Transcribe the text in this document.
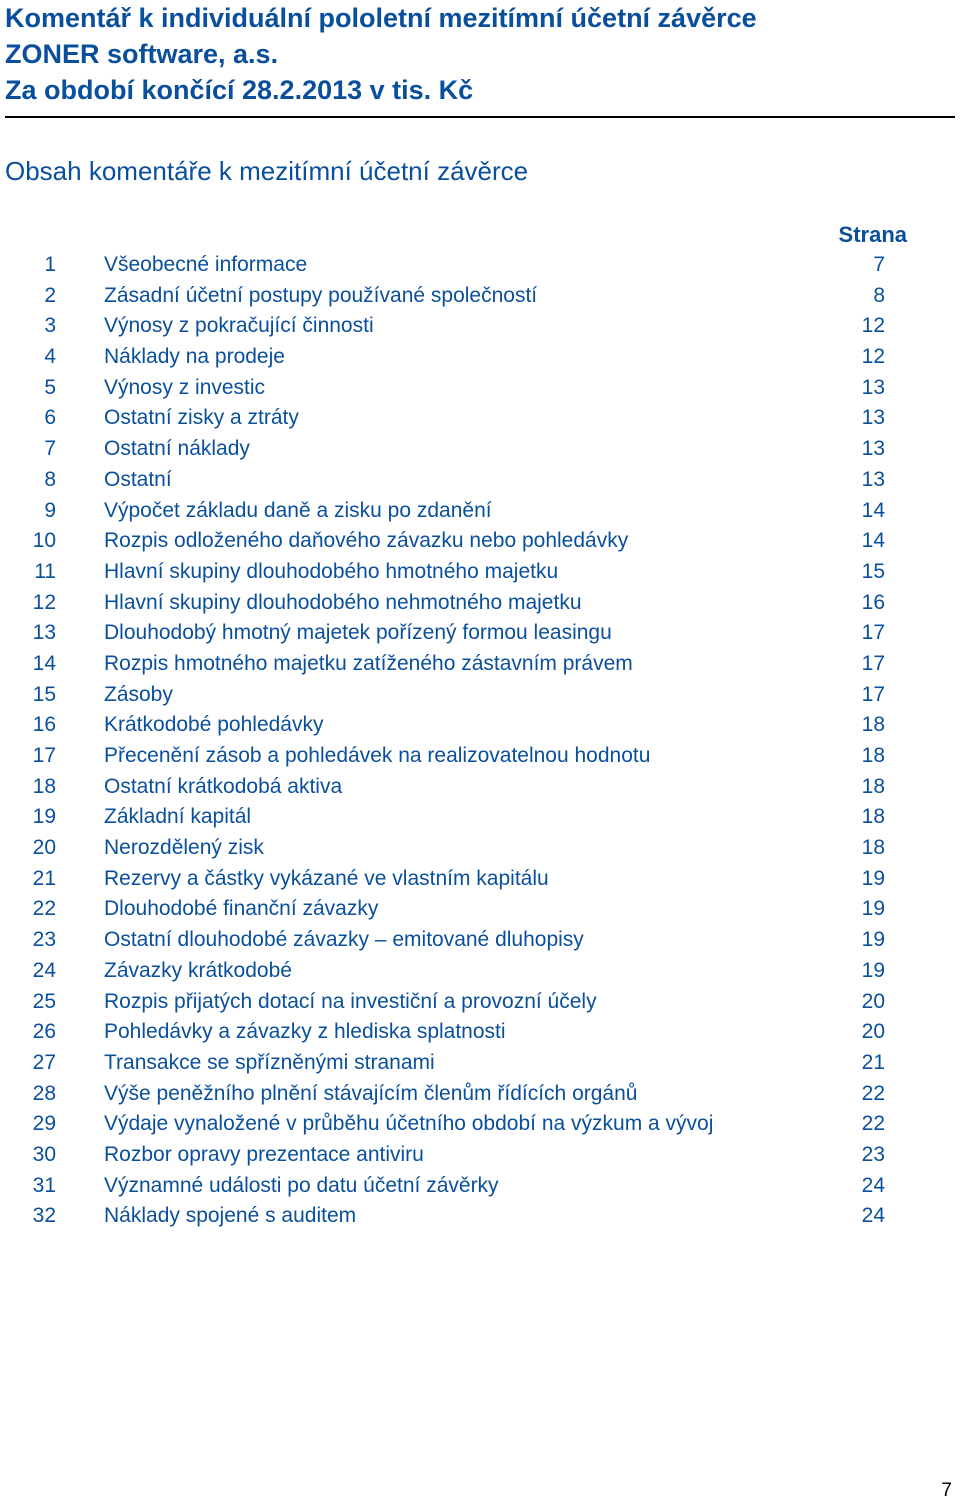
Komentář k individuální pololetní mezitímní účetní závěrce
ZONER software, a.s.
Za období končící 28.2.2013 v tis. Kč
Obsah komentáře k mezitímní účetní závěrce
Strana
1 Všeobecné informace	7
2 Zásadní účetní postupy používané společností	8
3 Výnosy z pokračující činnosti	12
4 Náklady na prodeje	12
5 Výnosy z investic	13
6 Ostatní zisky a ztráty	13
7 Ostatní náklady	13
8 Ostatní	13
9 Výpočet základu daně a zisku po zdanění	14
10 Rozpis odloženého daňového závazku nebo pohledávky	14
11 Hlavní skupiny dlouhodobého hmotného majetku	15
12 Hlavní skupiny dlouhodobého nehmotného majetku	16
13 Dlouhodobý hmotný majetek pořízený formou leasingu	17
14 Rozpis hmotného majetku zatíženého zástavním právem	17
15 Zásoby	17
16 Krátkodobé pohledávky	18
17 Přecenění zásob a pohledávek na realizovatelnou hodnotu	18
18 Ostatní krátkodobá aktiva	18
19 Základní kapitál	18
20 Nerozdělený zisk	18
21 Rezervy a částky vykázané ve vlastním kapitálu	19
22 Dlouhodobé finanční závazky	19
23 Ostatní dlouhodobé závazky – emitované dluhopisy	19
24 Závazky krátkodobé	19
25 Rozpis přijatých dotací na investiční a provozní účely	20
26 Pohledávky a závazky z hlediska splatnosti	20
27 Transakce se spřízněnými stranami	21
28 Výše peněžního plnění stávajícím členům řídících orgánů	22
29 Výdaje vynaložené v průběhu účetního období na výzkum a vývoj	22
30 Rozbor opravy prezentace antiviru	23
31 Významné události po datu účetní závěrky	24
32 Náklady spojené s auditem	24
7
